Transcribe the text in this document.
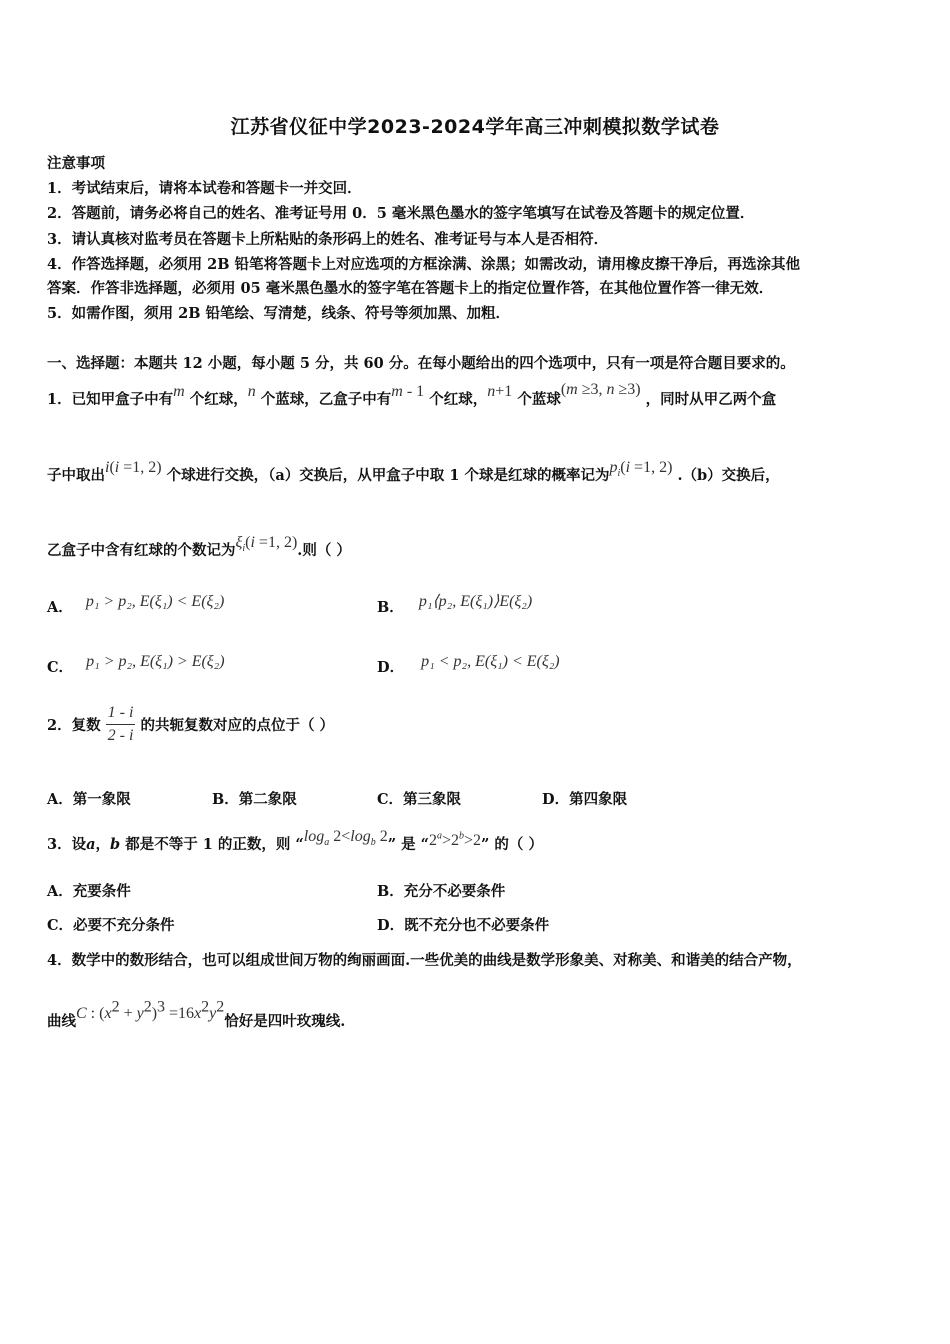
江苏省仪征中学2023-2024学年高三冲刺模拟数学试卷
注意事项
1．考试结束后，请将本试卷和答题卡一并交回．
2．答题前，请务必将自己的姓名、准考证号用 0．5 毫米黑色墨水的签字笔填写在试卷及答题卡的规定位置．
3．请认真核对监考员在答题卡上所粘贴的条形码上的姓名、准考证号与本人是否相符．
4．作答选择题，必须用 2B 铅笔将答题卡上对应选项的方框涂满、涂黑；如需改动，请用橡皮擦干净后，再选涂其他
答案．作答非选择题，必须用 05 毫米黑色墨水的签字笔在答题卡上的指定位置作答，在其他位置作答一律无效．
5．如需作图，须用 2B 铅笔绘、写清楚，线条、符号等须加黑、加粗．
一、选择题：本题共 12 小题，每小题 5 分，共 60 分。在每小题给出的四个选项中，只有一项是符合题目要求的。
1．已知甲盒子中有m 个红球，n 个蓝球，乙盒子中有m - 1 个红球，n+1 个蓝球(m ≥3, n ≥3) ，同时从甲乙两个盒
子中取出i(i =1, 2) 个球进行交换，（a）交换后，从甲盒子中取 1 个球是红球的概率记为$p_i(i =1$, 2) .（b）交换后，
乙盒子中含有红球的个数记为$\xi_i(i =1$, 2).则（ ）
A． p₁ > p₂, E(ξ₁) < E(ξ₂)	B． p₁⟨p₂, E(ξ₁)⟩E(ξ₂)
C． p₁ > p₂, E(ξ₁) > E(ξ₂)	D． p₁ < p₂, E(ξ₁) < E(ξ₂)
2．复数 $\frac{1 - i}{2 - i}$ 的共轭复数对应的点位于（ ）
A．第一象限	B．第二象限	C．第三象限	D．第四象限
3．设a，b 都是不等于 1 的正数，则 “$\log_a$ $2<\log_b$ 2” 是 “$2^a>2^b>2$” 的（ ）
A．充要条件	B．充分不必要条件
C．必要不充分条件	D．既不充分也不必要条件
4．数学中的数形结合，也可以组成世间万物的绚丽画面.一些优美的曲线是数学形象美、对称美、和谐美的结合产物，
曲线C : $(x^2 + y^2)^3 =16x^2y^2$恰好是四叶玫瑰线.
